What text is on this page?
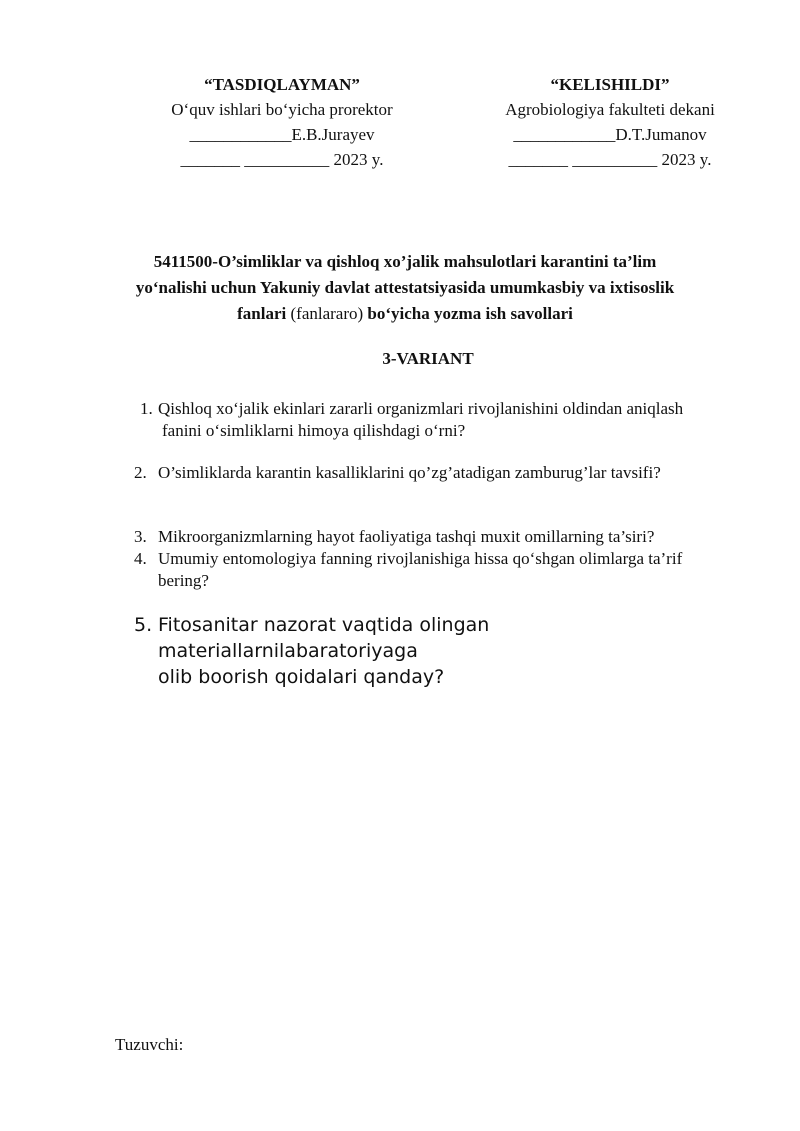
“TASDIQLAYMAN”
O‘quv ishlari bo‘yicha prorektor
____________E.B.Jurayev
_______ __________ 2023 y.
“KELISHILDI”
Agrobiologiya fakulteti dekani
____________D.T.Jumanov
_______ __________ 2023 y.
5411500-O’simliklar va qishloq xo’jalik mahsulotlari karantini ta’lim
yo‘nalishi uchun Yakuniy davlat attestatsiyasida umumkasbiy va ixtisoslik
fanlari (fanlararo) bo‘yicha yozma ish savollari
3-VARIANT
1. Qishloq xo‘jalik ekinlari zararli organizmlari rivojlanishini oldindan aniqlash
fanini o‘simliklarni himoya qilishdagi o‘rni?
2. O’simliklarda karantin kasalliklarini qo’zg’atadigan zamburug’lar tavsifi?
3. Mikroorganizmlarning hayot faoliyatiga tashqi muxit omillarning ta’siri?
4. Umumiy entomologiya fanning rivojlanishiga hissa qo‘shgan olimlarga ta’rif
bering?
5. Fitosanitar nazorat vaqtida olingan materiallarnilabaratoriyaga
olib boorish qoidalari qanday?
Tuzuvchi:
